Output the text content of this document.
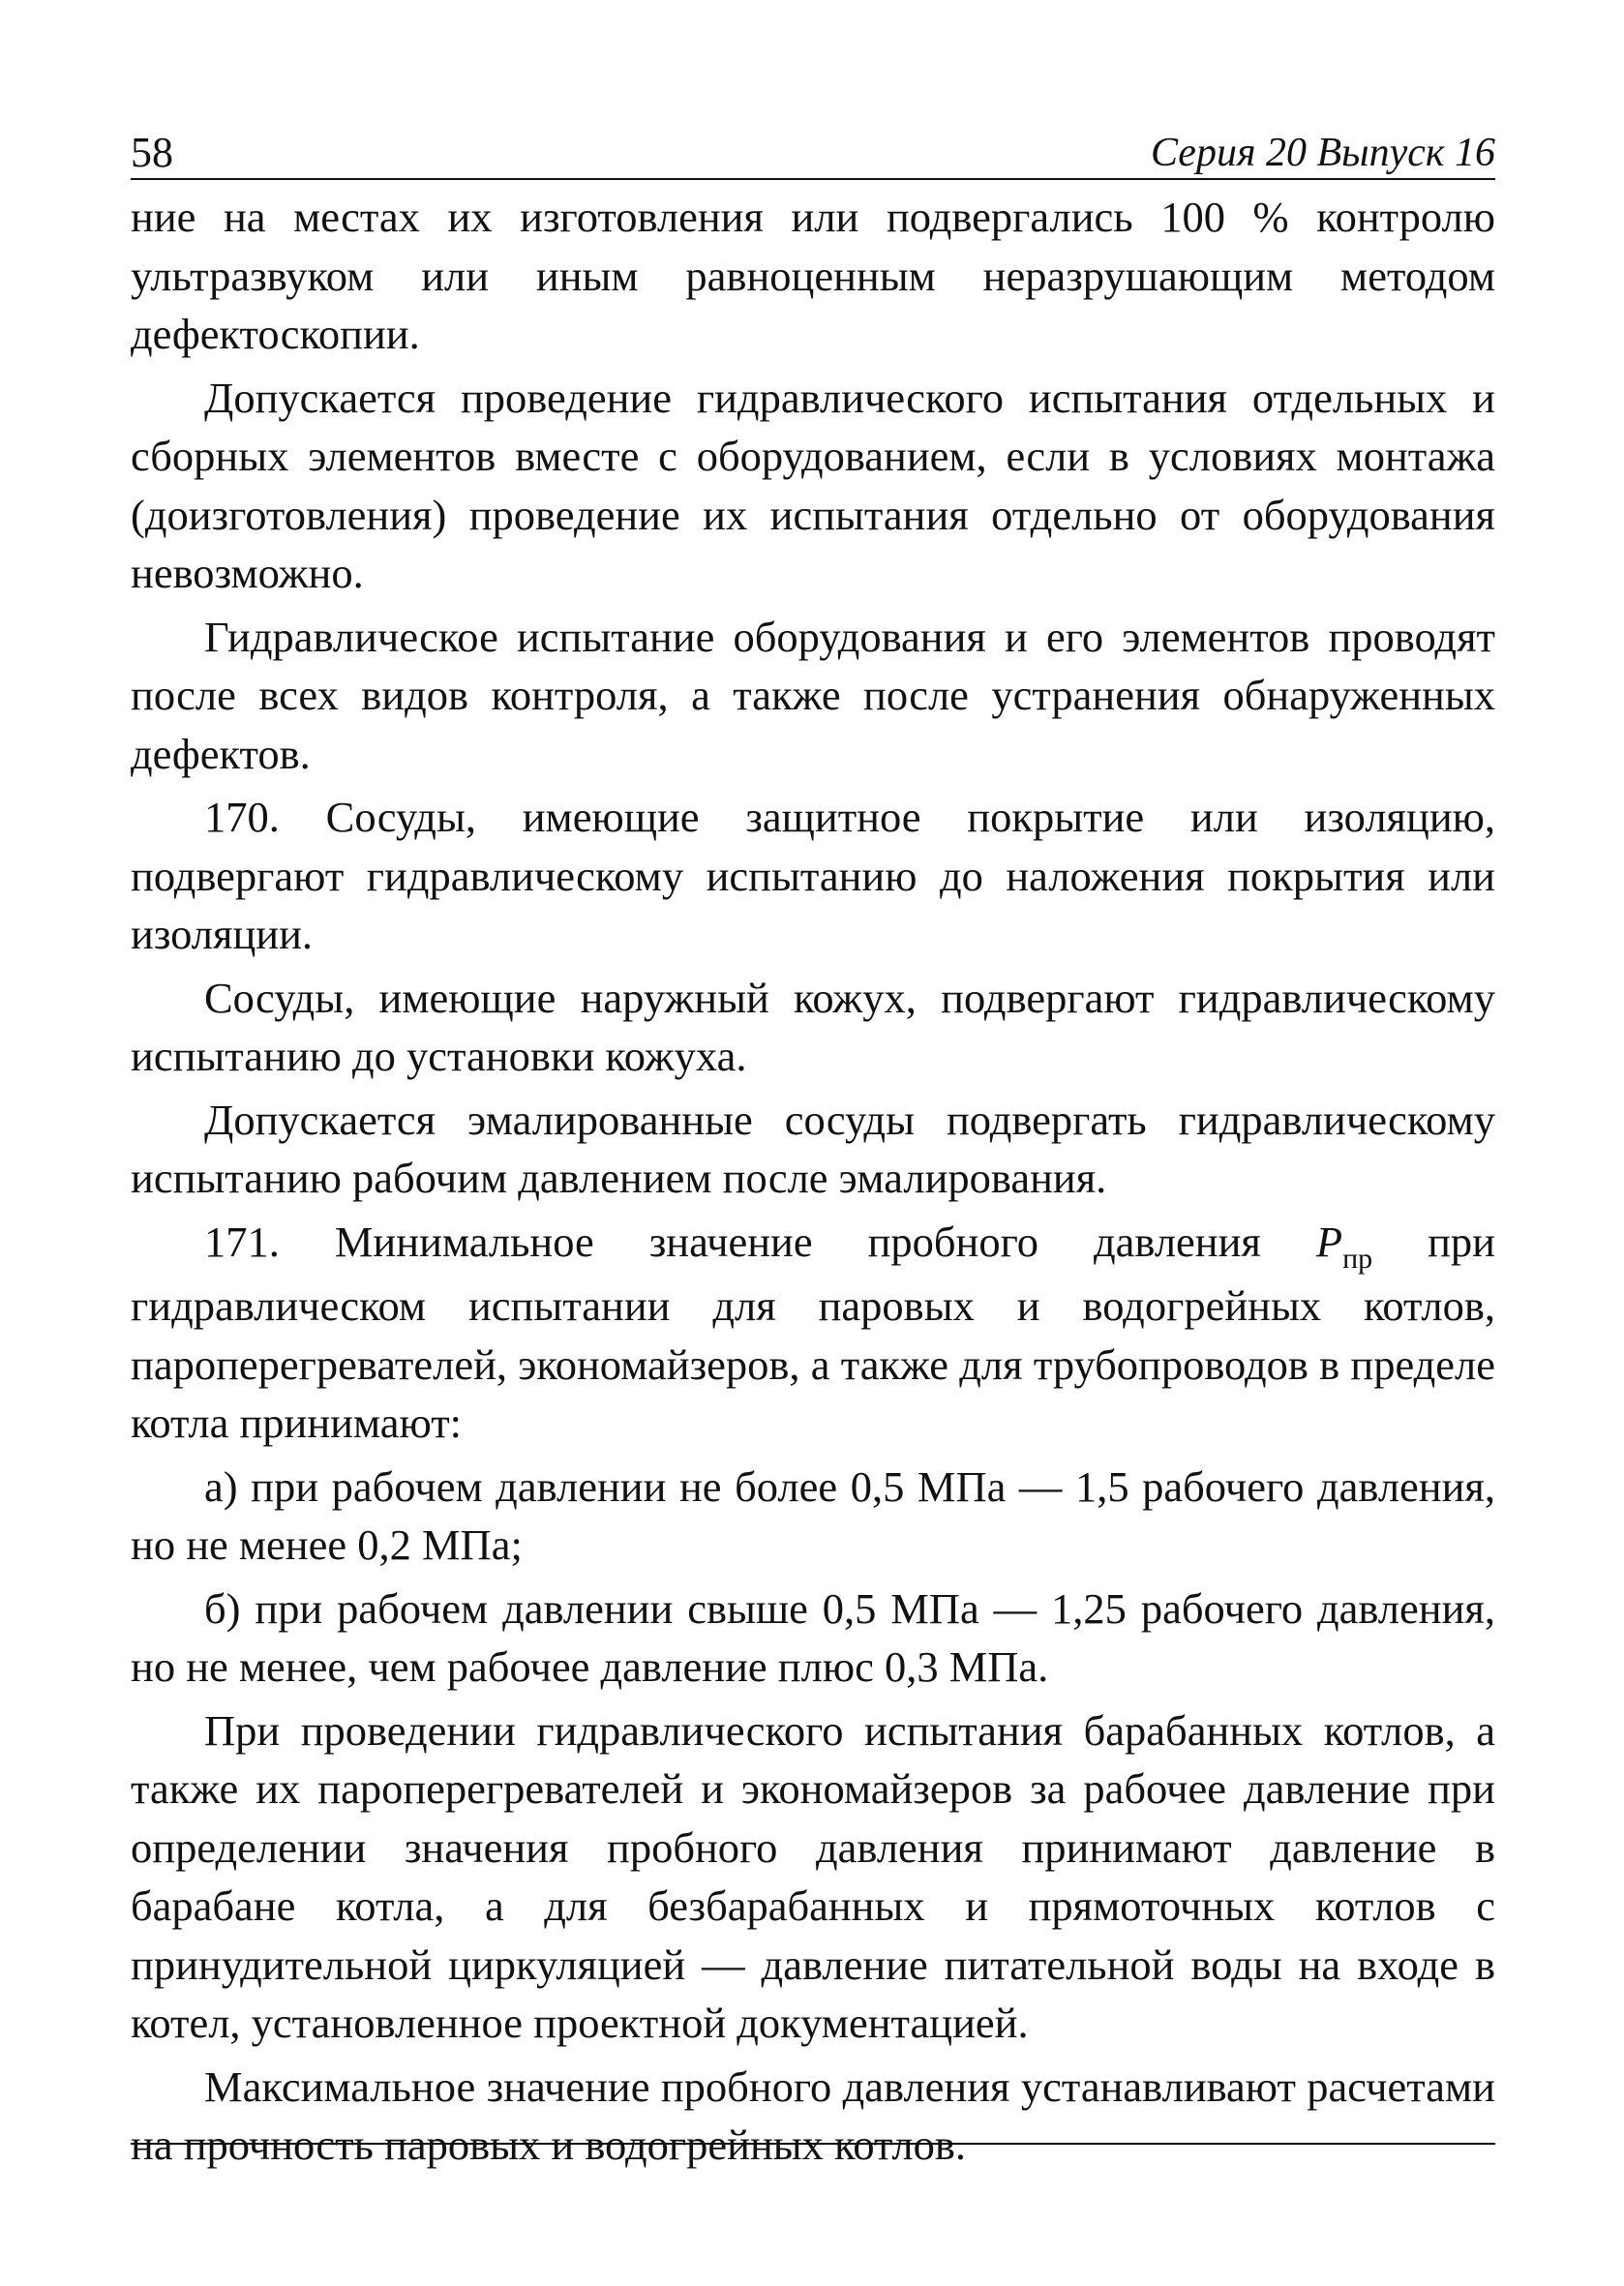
58	Серия 20 Выпуск 16

ние на местах их изготовления или подвергались 100 % контролю ультразвуком или иным равноценным неразрушающим методом дефектоскопии.

Допускается проведение гидравлического испытания отдельных и сборных элементов вместе с оборудованием, если в условиях монтажа (доизготовления) проведение их испытания отдельно от оборудования невозможно.

Гидравлическое испытание оборудования и его элементов проводят после всех видов контроля, а также после устранения обнаруженных дефектов.

170. Сосуды, имеющие защитное покрытие или изоляцию, подвергают гидравлическому испытанию до наложения покрытия или изоляции.

Сосуды, имеющие наружный кожух, подвергают гидравлическому испытанию до установки кожуха.

Допускается эмалированные сосуды подвергать гидравлическому испытанию рабочим давлением после эмалирования.

171. Минимальное значение пробного давления $P_{пр}$ при гидравлическом испытании для паровых и водогрейных котлов, пароперегревателей, экономайзеров, а также для трубопроводов в пределе котла принимают:

а) при рабочем давлении не более 0,5 МПа — 1,5 рабочего давления, но не менее 0,2 МПа;

б) при рабочем давлении свыше 0,5 МПа — 1,25 рабочего давления, но не менее, чем рабочее давление плюс 0,3 МПа.

При проведении гидравлического испытания барабанных котлов, а также их пароперегревателей и экономайзеров за рабочее давление при определении значения пробного давления принимают давление в барабане котла, а для безбарабанных и прямоточных котлов с принудительной циркуляцией — давление питательной воды на входе в котел, установленное проектной документацией.

Максимальное значение пробного давления устанавливают расчетами на прочность паровых и водогрейных котлов.
